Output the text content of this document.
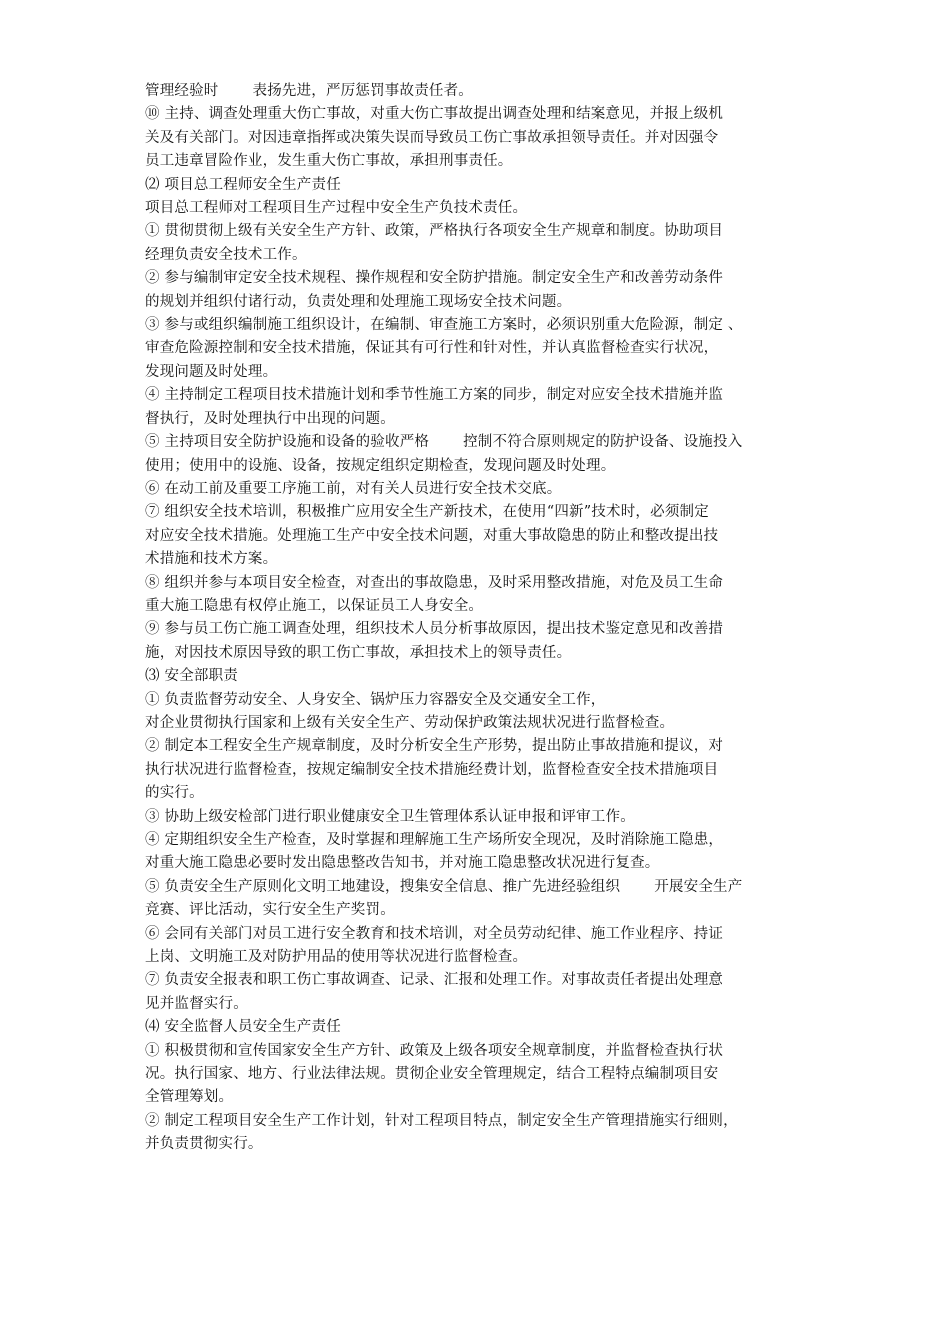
管理经验时 表扬先进，严厉惩罚事故责任者。
⑩ 主持、调查处理重大伤亡事故，对重大伤亡事故提出调查处理和结案意见，并报上级机
关及有关部门。对因违章指挥或决策失误而导致员工伤亡事故承担领导责任。并对因强令
员工违章冒险作业，发生重大伤亡事故，承担刑事责任。
⑵ 项目总工程师安全生产责任
项目总工程师对工程项目生产过程中安全生产负技术责任。
① 贯彻贯彻上级有关安全生产方针、政策，严格执行各项安全生产规章和制度。协助项目
经理负责安全技术工作。
② 参与编制审定安全技术规程、操作规程和安全防护措施。制定安全生产和改善劳动条件
的规划并组织付诸行动，负责处理和处理施工现场安全技术问题。
③ 参与或组织编制施工组织设计，在编制、审查施工方案时，必须识别重大危险源，制定 、
审查危险源控制和安全技术措施，保证其有可行性和针对性，并认真监督检查实行状况，
发现问题及时处理。
④ 主持制定工程项目技术措施计划和季节性施工方案的同步，制定对应安全技术措施并监
督执行，及时处理执行中出现的问题。
⑤ 主持项目安全防护设施和设备的验收严格 控制不符合原则规定的防护设备、设施投入
使用；使用中的设施、设备，按规定组织定期检查，发现问题及时处理。
⑥ 在动工前及重要工序施工前，对有关人员进行安全技术交底。
⑦ 组织安全技术培训，积极推广应用安全生产新技术，在使用“四新”技术时，必须制定
对应安全技术措施。处理施工生产中安全技术问题，对重大事故隐患的防止和整改提出技
术措施和技术方案。
⑧ 组织并参与本项目安全检查，对查出的事故隐患，及时采用整改措施，对危及员工生命
重大施工隐患有权停止施工，以保证员工人身安全。
⑨ 参与员工伤亡施工调查处理，组织技术人员分析事故原因，提出技术鉴定意见和改善措
施，对因技术原因导致的职工伤亡事故，承担技术上的领导责任。
⑶ 安全部职责
① 负责监督劳动安全、人身安全、锅炉压力容器安全及交通安全工作，
对企业贯彻执行国家和上级有关安全生产、劳动保护政策法规状况进行监督检查。
② 制定本工程安全生产规章制度，及时分析安全生产形势，提出防止事故措施和提议，对
执行状况进行监督检查，按规定编制安全技术措施经费计划，监督检查安全技术措施项目
的实行。
③ 协助上级安检部门进行职业健康安全卫生管理体系认证申报和评审工作。
④ 定期组织安全生产检查，及时掌握和理解施工生产场所安全现况，及时消除施工隐患，
对重大施工隐患必要时发出隐患整改告知书，并对施工隐患整改状况进行复查。
⑤ 负责安全生产原则化文明工地建设，搜集安全信息、推广先进经验组织 开展安全生产
竞赛、评比活动，实行安全生产奖罚。
⑥ 会同有关部门对员工进行安全教育和技术培训，对全员劳动纪律、施工作业程序、持证
上岗、文明施工及对防护用品的使用等状况进行监督检查。
⑦ 负责安全报表和职工伤亡事故调查、记录、汇报和处理工作。对事故责任者提出处理意
见并监督实行。
⑷ 安全监督人员安全生产责任
① 积极贯彻和宣传国家安全生产方针、政策及上级各项安全规章制度，并监督检查执行状
况。执行国家、地方、行业法律法规。贯彻企业安全管理规定，结合工程特点编制项目安
全管理筹划。
② 制定工程项目安全生产工作计划，针对工程项目特点，制定安全生产管理措施实行细则，
并负责贯彻实行。
